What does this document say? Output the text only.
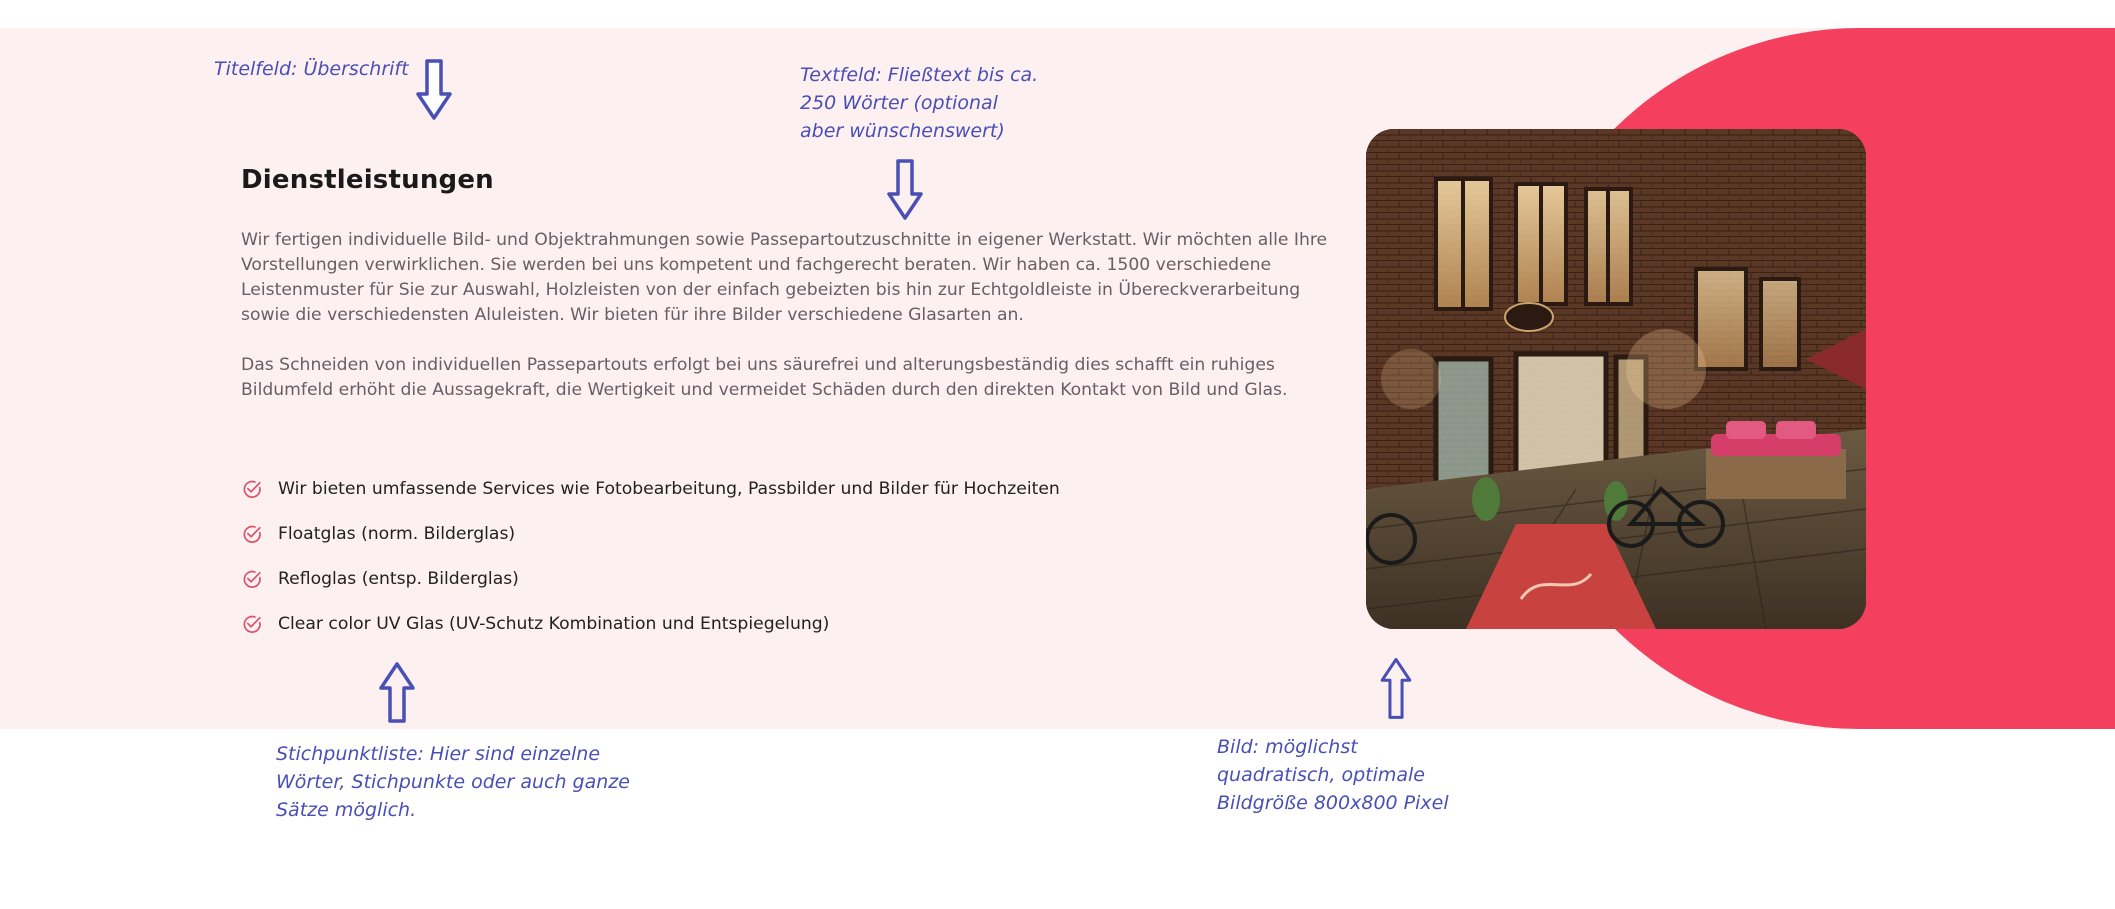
Dienstleistungen

Wir fertigen individuelle Bild- und Objektrahmungen sowie Passepartoutzuschnitte in eigener Werkstatt. Wir möchten alle Ihre Vorstellungen verwirklichen. Sie werden bei uns kompetent und fachgerecht beraten. Wir haben ca. 1500 verschiedene Leistenmuster für Sie zur Auswahl, Holzleisten von der einfach gebeizten bis hin zur Echtgoldleiste in Übereckverarbeitung sowie die verschiedensten Aluleisten. Wir bieten für ihre Bilder verschiedene Glasarten an.

Das Schneiden von individuellen Passepartouts erfolgt bei uns säurefrei und alterungsbeständig dies schafft ein ruhiges Bildumfeld erhöht die Aussagekraft, die Wertigkeit und vermeidet Schäden durch den direkten Kontakt von Bild und Glas.

Wir bieten umfassende Services wie Fotobearbeitung, Passbilder und Bilder für Hochzeiten
Floatglas (norm. Bilderglas)
Refloglas (entsp. Bilderglas)
Clear color UV Glas (UV-Schutz Kombination und Entspiegelung)

Titelfeld: Überschrift	Textfeld: Fließtext bis ca.
250 Wörter (optional
aber wünschenswert)
Stichpunktliste: Hier sind einzelne
Wörter, Stichpunkte oder auch ganze
Sätze möglich.
Bild: möglichst
quadratisch, optimale
Bildgröße 800x800 Pixel
